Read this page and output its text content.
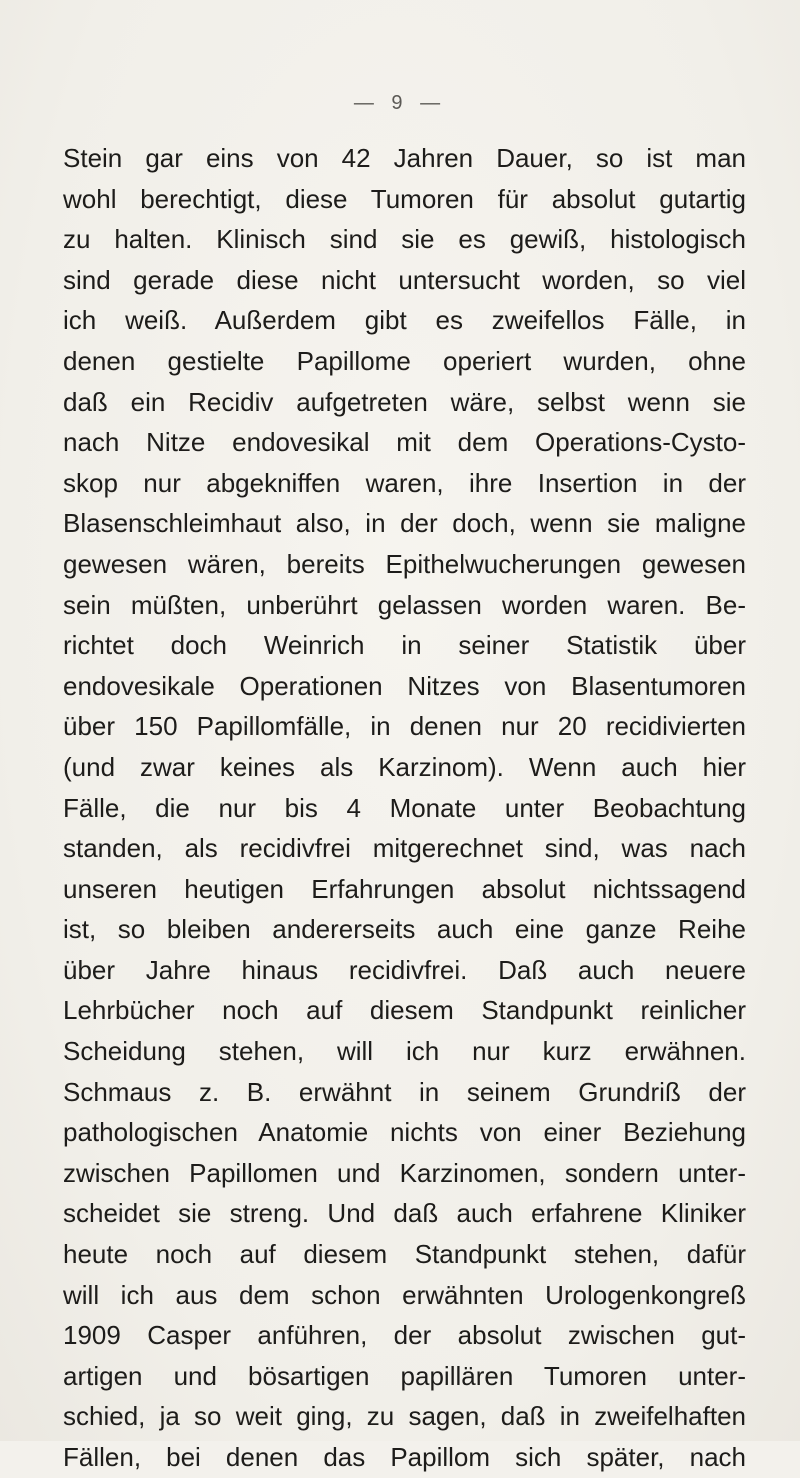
— 9 —
Stein gar eins von 42 Jahren Dauer, so ist man
wohl berechtigt, diese Tumoren für absolut gutartig
zu halten. Klinisch sind sie es gewiß, histologisch
sind gerade diese nicht untersucht worden, so viel
ich weiß. Außerdem gibt es zweifellos Fälle, in
denen gestielte Papillome operiert wurden, ohne
daß ein Recidiv aufgetreten wäre, selbst wenn sie
nach Nitze endovesikal mit dem Operations-Cysto-
skop nur abgekniffen waren, ihre Insertion in der
Blasenschleimhaut also, in der doch, wenn sie maligne
gewesen wären, bereits Epithelwucherungen gewesen
sein müßten, unberührt gelassen worden waren. Be-
richtet doch Weinrich in seiner Statistik über
endovesikale Operationen Nitzes von Blasentumoren
über 150 Papillomfälle, in denen nur 20 recidivierten
(und zwar keines als Karzinom). Wenn auch hier
Fälle, die nur bis 4 Monate unter Beobachtung
standen, als recidivfrei mitgerechnet sind, was nach
unseren heutigen Erfahrungen absolut nichtssagend
ist, so bleiben andererseits auch eine ganze Reihe
über Jahre hinaus recidivfrei. Daß auch neuere
Lehrbücher noch auf diesem Standpunkt reinlicher
Scheidung stehen, will ich nur kurz erwähnen.
Schmaus z. B. erwähnt in seinem Grundriß der
pathologischen Anatomie nichts von einer Beziehung
zwischen Papillomen und Karzinomen, sondern unter-
scheidet sie streng. Und daß auch erfahrene Kliniker
heute noch auf diesem Standpunkt stehen, dafür
will ich aus dem schon erwähnten Urologenkongreß
1909 Casper anführen, der absolut zwischen gut-
artigen und bösartigen papillären Tumoren unter-
schied, ja so weit ging, zu sagen, daß in zweifelhaften
Fällen, bei denen das Papillom sich später, nach
